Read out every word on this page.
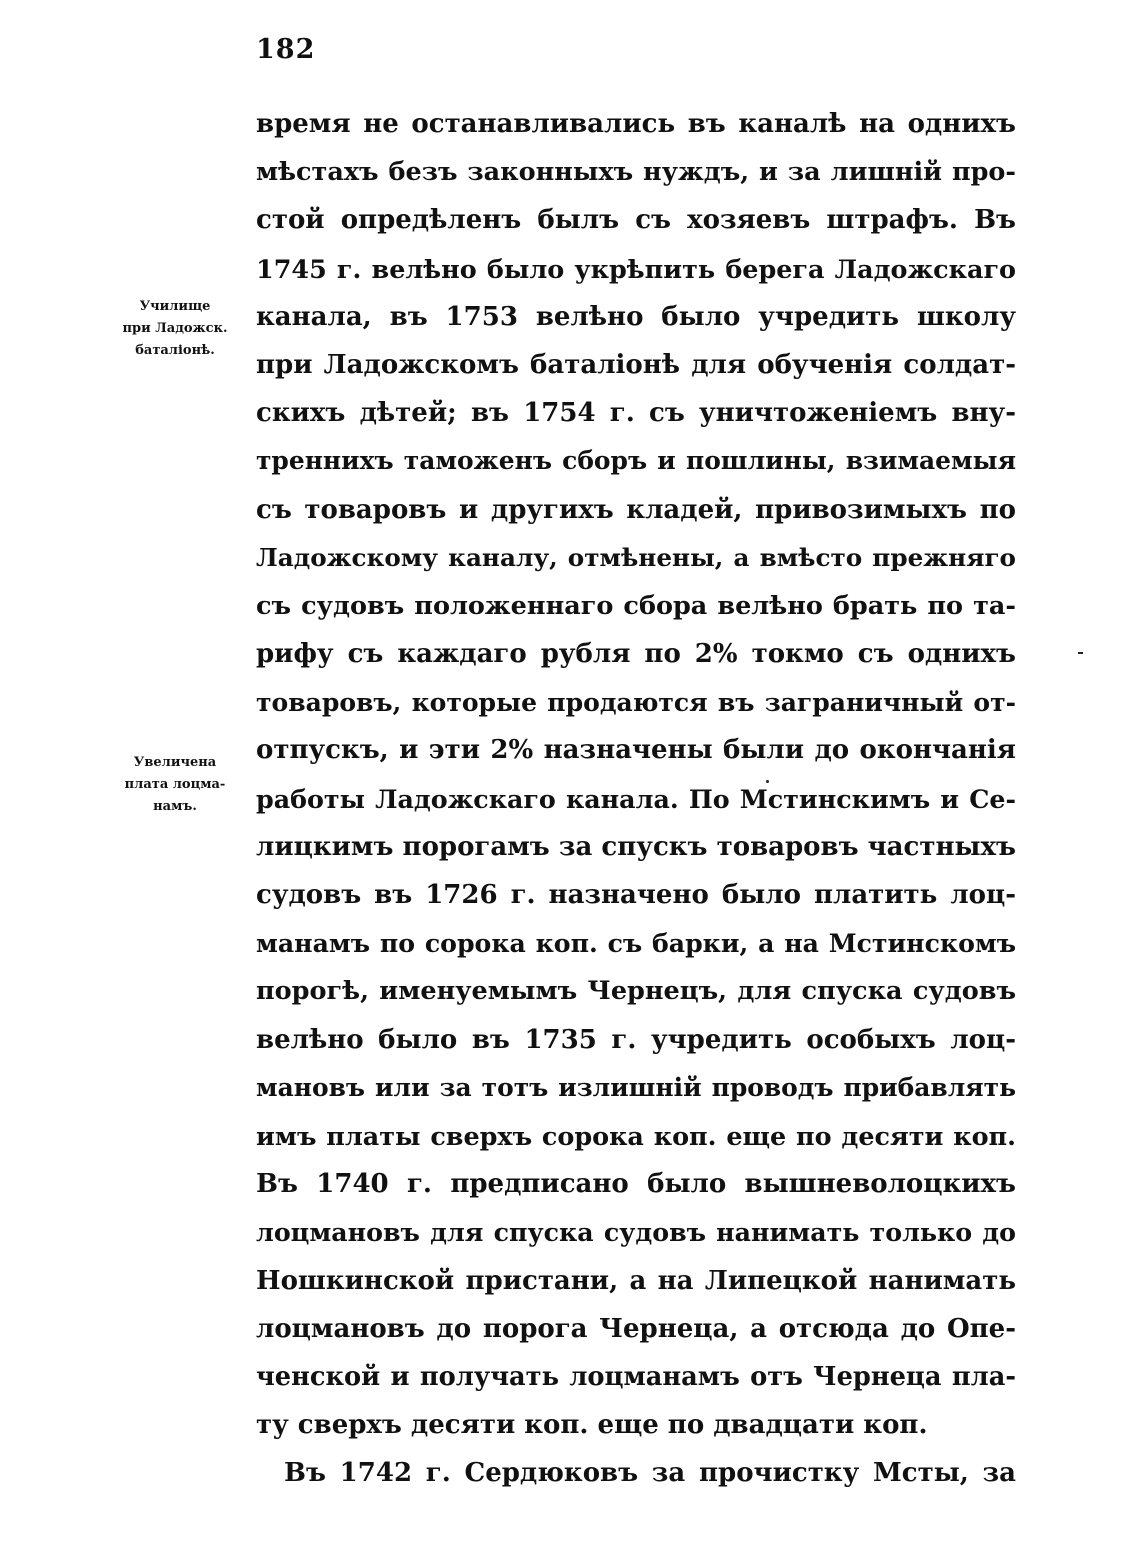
182
Училище
при Ладожск.
баталіонѣ.
Увеличена
плата лоцма-
намъ.
время не останавливались въ каналѣ на однихъ
мѣстахъ безъ законныхъ нуждъ, и за лишній про-
стой опредѣленъ былъ съ хозяевъ штрафъ. Въ
1745 г. велѣно было укрѣпить берега Ладожскаго
канала, въ 1753 велѣно было учредить школу
при Ладожскомъ баталіонѣ для обученія солдат-
скихъ дѣтей; въ 1754 г. съ уничтоженіемъ вну-
треннихъ таможенъ сборъ и пошлины, взимаемыя
съ товаровъ и другихъ кладей, привозимыхъ по
Ладожскому каналу, отмѣнены, а вмѣсто прежняго
съ судовъ положеннаго сбора велѣно брать по та-
рифу съ каждаго рубля по 2% токмо съ однихъ
товаровъ, которые продаются въ заграничный от-
отпускъ, и эти 2% назначены были до окончанія
работы Ладожскаго канала. По Мстинскимъ и Се-
лицкимъ порогамъ за спускъ товаровъ частныхъ
судовъ въ 1726 г. назначено было платить лоц-
манамъ по сорока коп. съ барки, а на Мстинскомъ
порогѣ, именуемымъ Чернецъ, для спуска судовъ
велѣно было въ 1735 г. учредить особыхъ лоц-
мановъ или за тотъ излишній проводъ прибавлять
имъ платы сверхъ сорока коп. еще по десяти коп.
Въ 1740 г. предписано было вышневолоцкихъ
лоцмановъ для спуска судовъ нанимать только до
Ношкинской пристани, а на Липецкой нанимать
лоцмановъ до порога Чернеца, а отсюда до Опе-
ченской и получать лоцманамъ отъ Чернеца пла-
ту сверхъ десяти коп. еще по двадцати коп.
Въ 1742 г. Сердюковъ за прочистку Мсты, за
